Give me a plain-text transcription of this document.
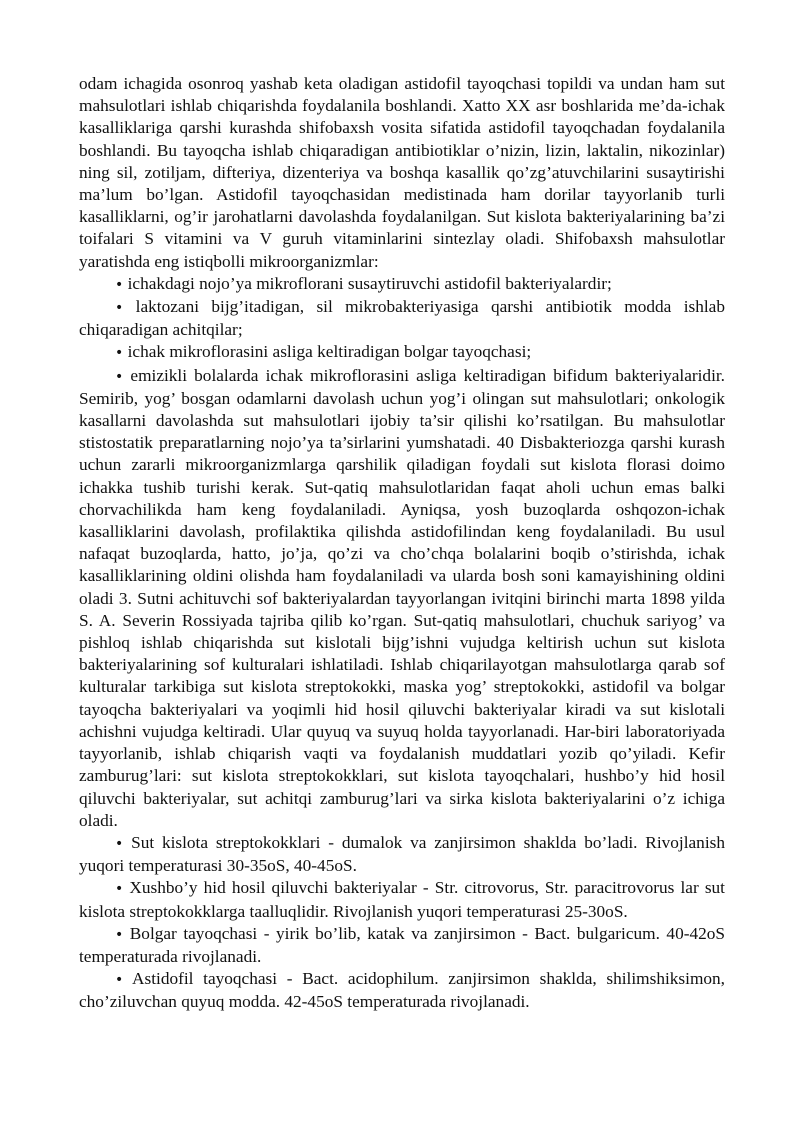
odam ichagida osonroq yashab keta oladigan astidofil tayoqchasi topildi va undan ham sut mahsulotlari ishlab chiqarishda foydalanila boshlandi. Xatto XX asr boshlarida me’da-ichak kasalliklariga qarshi kurashda shifobaxsh vosita sifatida astidofil tayoqchadan foydalanila boshlandi. Bu tayoqcha ishlab chiqaradigan antibiotiklar o’nizin, lizin, laktalin, nikozinlar) ning sil, zotiljam, difteriya, dizenteriya va boshqa kasallik qo’zg’atuvchilarini susaytirishi ma’lum bo’lgan. Astidofil tayoqchasidan medistinada ham dorilar tayyorlanib turli kasalliklarni, og’ir jarohatlarni davolashda foydalanilgan. Sut kislota bakteriyalarining ba’zi toifalari S vitamini va V guruh vitaminlarini sintezlay oladi. Shifobaxsh mahsulotlar yaratishda eng istiqbolli mikroorganizmlar:

• ichakdagi nojo’ya mikroflorani susaytiruvchi astidofil bakteriyalardir;

• laktozani bijg’itadigan, sil mikrobakteriyasiga qarshi antibiotik modda ishlab chiqaradigan achitqilar;

• ichak mikroflorasini asliga keltiradigan bolgar tayoqchasi;

• emizikli bolalarda ichak mikroflorasini asliga keltiradigan bifidum bakteriyalaridir. Semirib, yog’ bosgan odamlarni davolash uchun yog’i olingan sut mahsulotlari; onkologik kasallarni davolashda sut mahsulotlari ijobiy ta’sir qilishi ko’rsatilgan. Bu mahsulotlar stistostatik preparatlarning nojo’ya ta’sirlarini yumshatadi. 40 Disbakteriozga qarshi kurash uchun zararli mikroorganizmlarga qarshilik qiladigan foydali sut kislota florasi doimo ichakka tushib turishi kerak. Sut-qatiq mahsulotlaridan faqat aholi uchun emas balki chorvachilikda ham keng foydalaniladi. Ayniqsa, yosh buzoqlarda oshqozon-ichak kasalliklarini davolash, profilaktika qilishda astidofilindan keng foydalaniladi. Bu usul nafaqat buzoqlarda, hatto, jo’ja, qo’zi va cho’chqa bolalarini boqib o’stirishda, ichak kasalliklarining oldini olishda ham foydalaniladi va ularda bosh soni kamayishining oldini oladi 3. Sutni achituvchi sof bakteriyalardan tayyorlangan ivitqini birinchi marta 1898 yilda S. A. Severin Rossiyada tajriba qilib ko’rgan. Sut-qatiq mahsulotlari, chuchuk sariyog’ va pishloq ishlab chiqarishda sut kislotali bijg’ishni vujudga keltirish uchun sut kislota bakteriyalarining sof kulturalari ishlatiladi. Ishlab chiqarilayotgan mahsulotlarga qarab sof kulturalar tarkibiga sut kislota streptokokki, maska yog’ streptokokki, astidofil va bolgar tayoqcha bakteriyalari va yoqimli hid hosil qiluvchi bakteriyalar kiradi va sut kislotali achishni vujudga keltiradi. Ular quyuq va suyuq holda tayyorlanadi. Har-biri laboratoriyada tayyorlanib, ishlab chiqarish vaqti va foydalanish muddatlari yozib qo’yiladi. Kefir zamburug’lari: sut kislota streptokokklari, sut kislota tayoqchalari, hushbo’y hid hosil qiluvchi bakteriyalar, sut achitqi zamburug’lari va sirka kislota bakteriyalarini o’z ichiga oladi.

• Sut kislota streptokokklari - dumalok va zanjirsimon shaklda bo’ladi. Rivojlanish yuqori temperaturasi 30-35oS, 40-45oS.

• Xushbo’y hid hosil qiluvchi bakteriyalar - Str. citrovorus, Str. paracitrovorus lar sut kislota streptokokklarga taalluqlidir. Rivojlanish yuqori temperaturasi 25-30oS.

• Bolgar tayoqchasi - yirik bo’lib, katak va zanjirsimon - Bact. bulgaricum. 40-42oS temperaturada rivojlanadi.

• Astidofil tayoqchasi - Bact. acidophilum. zanjirsimon shaklda, shilimshiksimon, cho’ziluvchan quyuq modda. 42-45oS temperaturada rivojlanadi.
